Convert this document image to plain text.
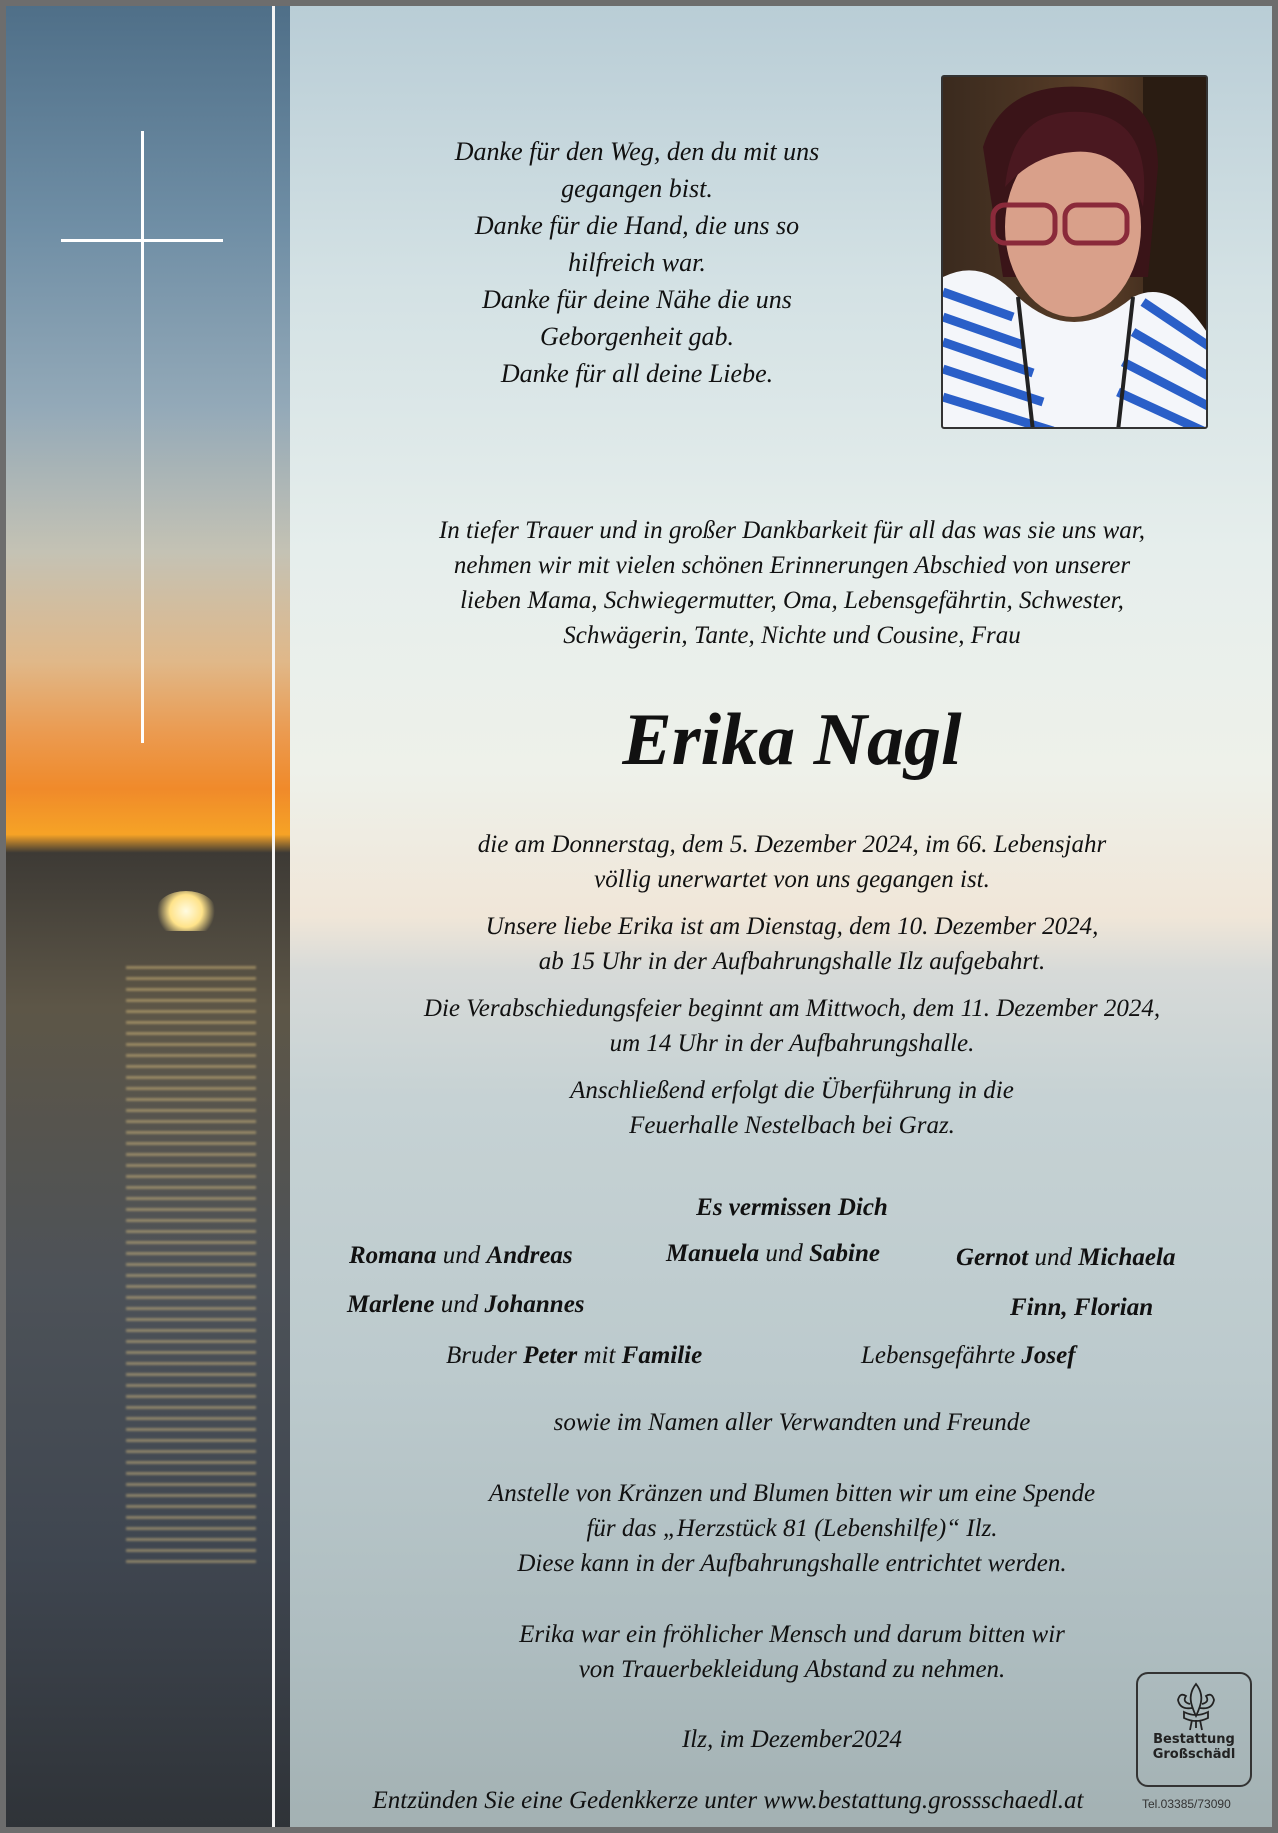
Danke für den Weg, den du mit uns
gegangen bist.
Danke für die Hand, die uns so
hilfreich war.
Danke für deine Nähe die uns
Geborgenheit gab.
Danke für all deine Liebe.
In tiefer Trauer und in großer Dankbarkeit für all das was sie uns war,
nehmen wir mit vielen schönen Erinnerungen Abschied von unserer
lieben Mama, Schwiegermutter, Oma, Lebensgefährtin, Schwester,
Schwägerin, Tante, Nichte und Cousine, Frau
Erika Nagl
die am Donnerstag, dem 5. Dezember 2024, im 66. Lebensjahr
völlig unerwartet von uns gegangen ist.
Unsere liebe Erika ist am Dienstag, dem 10. Dezember 2024,
ab 15 Uhr in der Aufbahrungshalle Ilz aufgebahrt.
Die Verabschiedungsfeier beginnt am Mittwoch, dem 11. Dezember 2024,
um 14 Uhr in der Aufbahrungshalle.
Anschließend erfolgt die Überführung in die
Feuerhalle Nestelbach bei Graz.
Es vermissen Dich
Romana und Andreas	Manuela und Sabine	Gernot und Michaela
Marlene und Johannes	Finn, Florian
Bruder Peter mit Familie	Lebensgefährte Josef
sowie im Namen aller Verwandten und Freunde
Anstelle von Kränzen und Blumen bitten wir um eine Spende
für das „Herzstück 81 (Lebenshilfe)“ Ilz.
Diese kann in der Aufbahrungshalle entrichtet werden.
Erika war ein fröhlicher Mensch und darum bitten wir
von Trauerbekleidung Abstand zu nehmen.
Ilz, im Dezember2024
Entzünden Sie eine Gedenkkerze unter www.bestattung.grossschaedl.at
Bestattung
Großschädl
Tel.03385/73090
